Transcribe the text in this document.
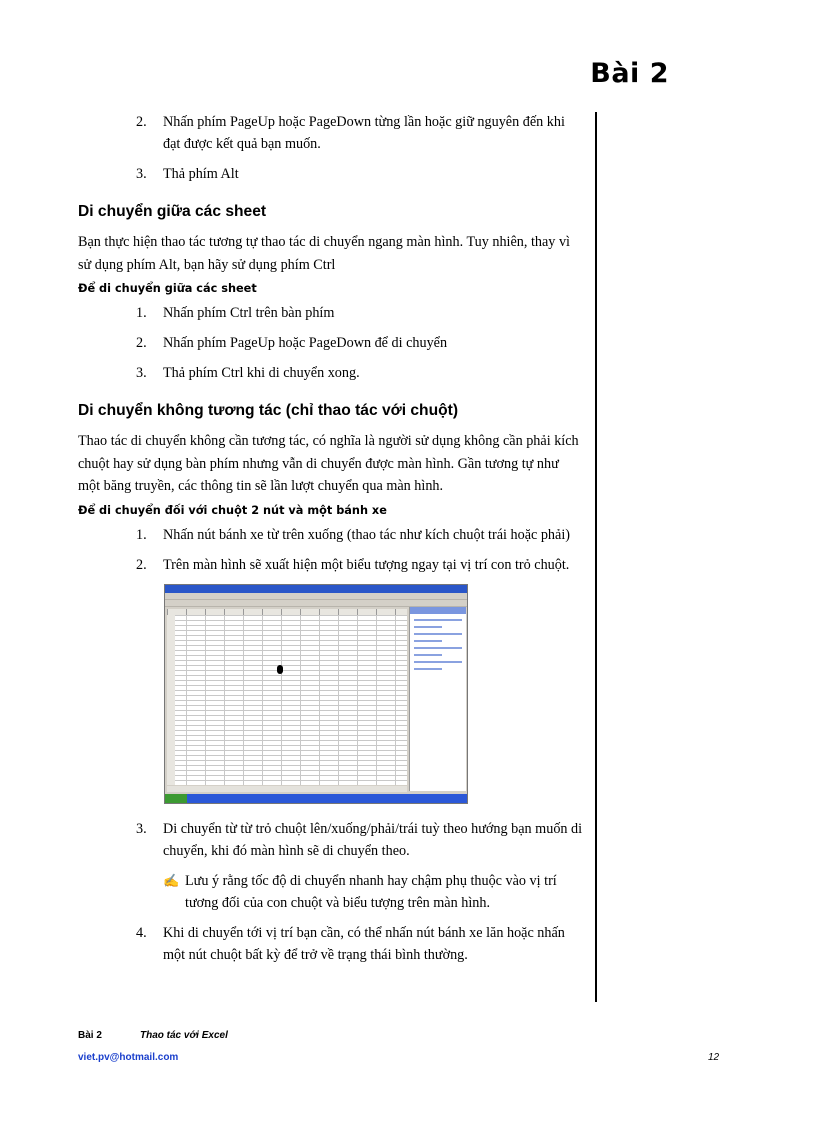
Bài 2
2. Nhấn phím PageUp hoặc PageDown từng lần hoặc giữ nguyên đến khi đạt được kết quả bạn muốn.
3. Thả phím Alt
Di chuyển giữa các sheet

Bạn thực hiện thao tác tương tự thao tác di chuyển ngang màn hình. Tuy nhiên, thay vì sử dụng phím Alt, bạn hãy sử dụng phím Ctrl

Để di chuyển giữa các sheet
1. Nhấn phím Ctrl trên bàn phím
2. Nhấn phím PageUp hoặc PageDown để di chuyển
3. Thả phím Ctrl khi di chuyển xong.
Di chuyển không tương tác (chỉ thao tác với chuột)

Thao tác di chuyển không cần tương tác, có nghĩa là người sử dụng không cần phải kích chuột hay sử dụng bàn phím nhưng vẫn di chuyển được màn hình. Gần tương tự như một băng truyền, các thông tin sẽ lần lượt chuyển qua màn hình.

Để di chuyển đối với chuột 2 nút và một bánh xe
1. Nhấn nút bánh xe từ trên xuống (thao tác như kích chuột trái hoặc phải)
2. Trên màn hình sẽ xuất hiện một biểu tượng ngay tại vị trí con trỏ chuột.
3. Di chuyển từ từ trỏ chuột lên/xuống/phải/trái tuỳ theo hướng bạn muốn di chuyển, khi đó màn hình sẽ di chuyển theo.
✍ Lưu ý rằng tốc độ di chuyển nhanh hay chậm phụ thuộc vào vị trí tương đối của con chuột và biểu tượng trên màn hình.
4. Khi di chuyển tới vị trí bạn cần, có thể nhấn nút bánh xe lăn hoặc nhấn một nút chuột bất kỳ để trở về trạng thái bình thường.
Bài 2	Thao tác với Excel
viet.pv@hotmail.com	12
